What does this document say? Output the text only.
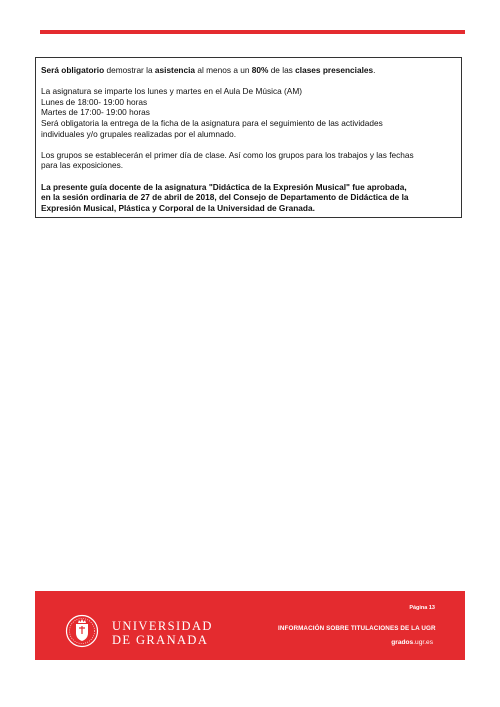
Será obligatorio demostrar la asistencia al menos a un 80% de las clases presenciales.

La asignatura se imparte los lunes y martes en el Aula De Música (AM)

Lunes de 18:00- 19:00 horas

Martes de 17:00- 19:00 horas

Será obligatoria la entrega de la ficha de la asignatura para el seguimiento de las actividades

individuales y/o grupales realizadas por el alumnado.

Los grupos se establecerán el primer día de clase. Así como los grupos para los trabajos y las fechas

para las exposiciones.

La presente guía docente de la asignatura "Didáctica de la Expresión Musical" fue aprobada,

en la sesión ordinaria de 27 de abril de 2018, del Consejo de Departamento de Didáctica de la

Expresión Musical, Plástica y Corporal de la Universidad de Granada.

UNIVERSIDAD
DE GRANADA
Página 13
INFORMACIÓN SOBRE TITULACIONES DE LA UGR
grados.ugr.es
